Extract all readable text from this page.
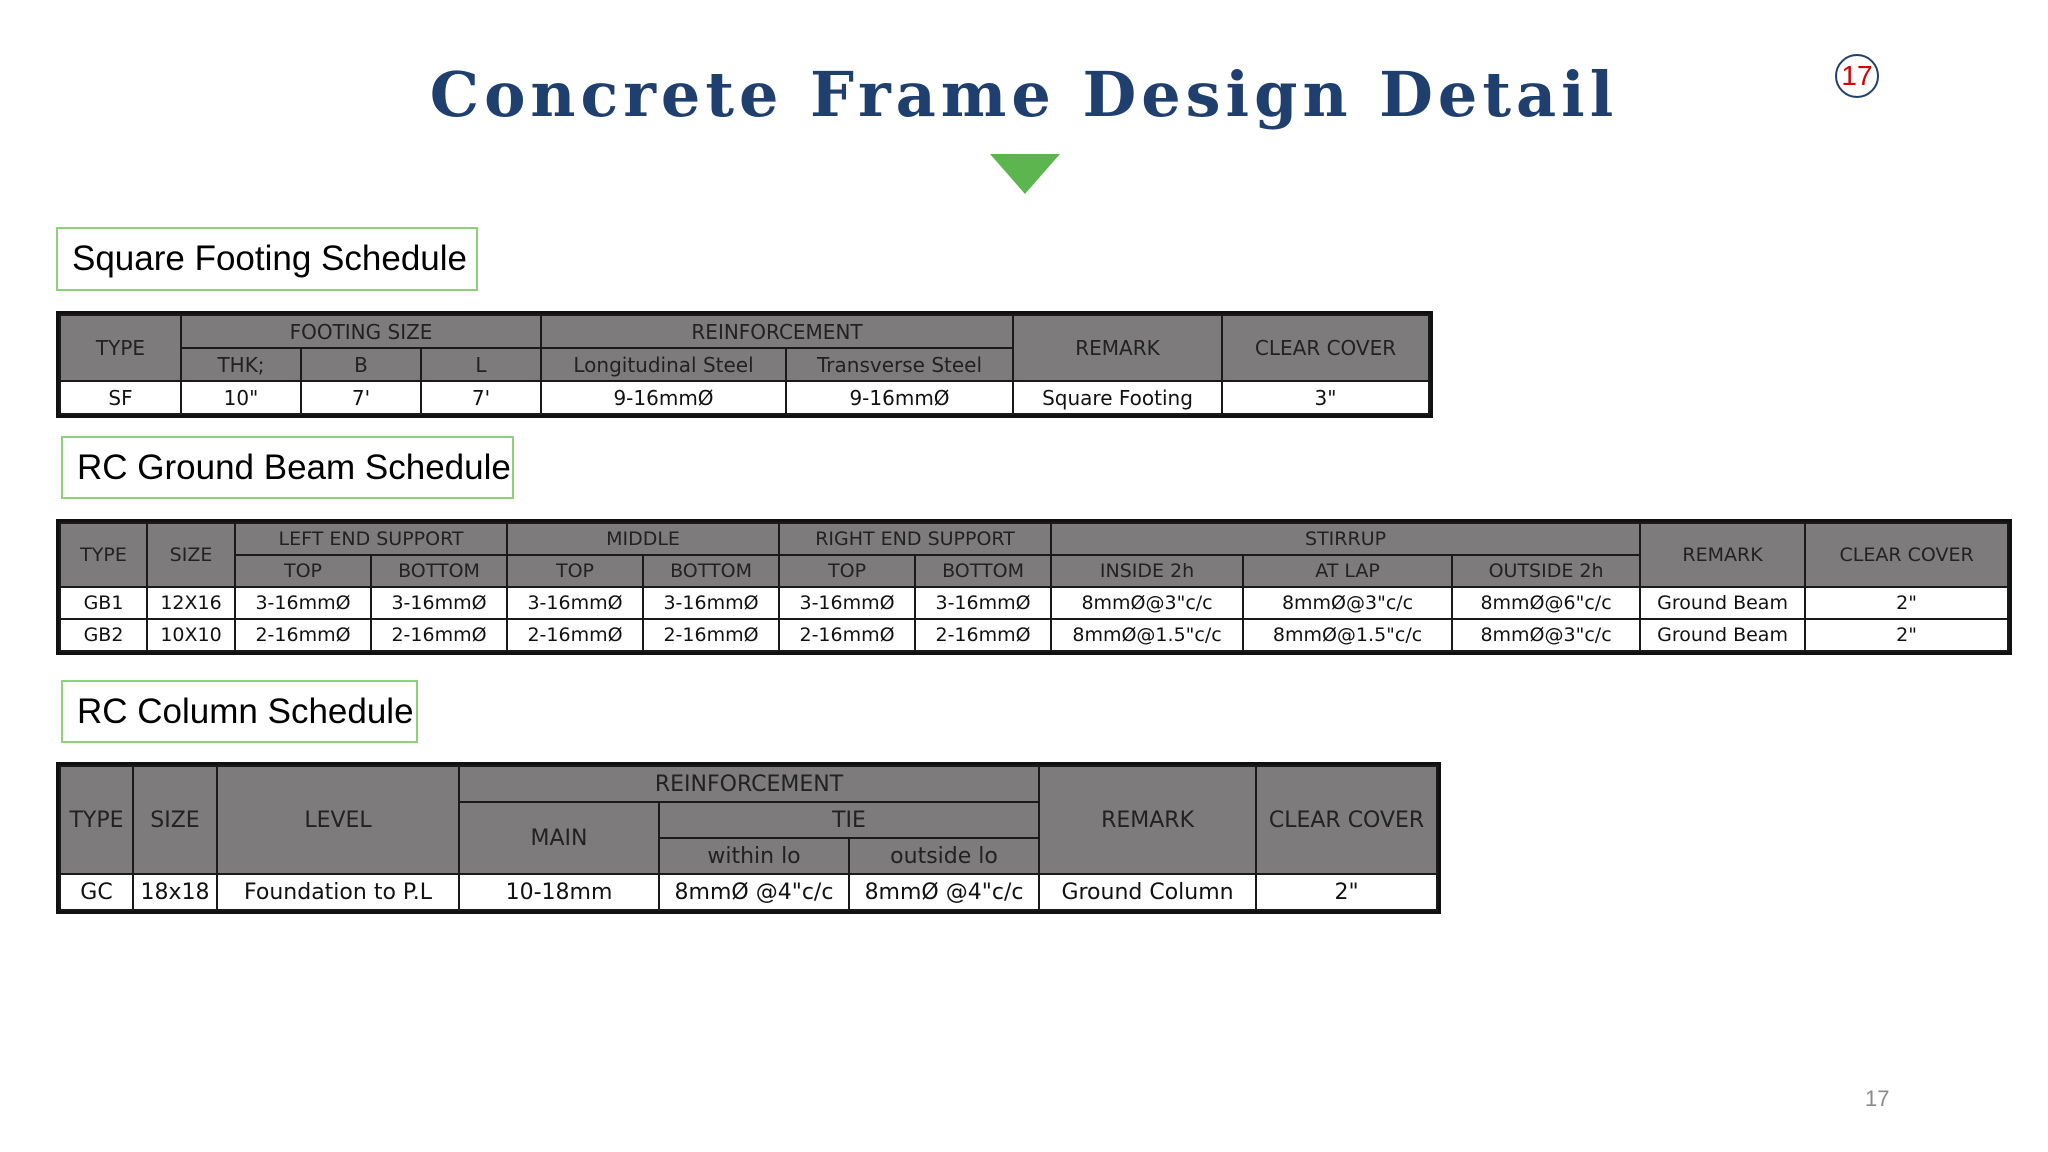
Concrete Frame Design Detail	17
Square Footing Schedule
TYPE	FOOTING SIZE			REINFORCEMENT		REMARK	CLEAR COVER
	THK;	B	L	Longitudinal Steel	Transverse Steel		
SF	10"	7'	7'	9-16mmØ	9-16mmØ	Square Footing	3"
RC Ground Beam Schedule
TYPE	SIZE	LEFT END SUPPORT		MIDDLE		RIGHT END SUPPORT		STIRRUP			REMARK	CLEAR COVER
		TOP	BOTTOM	TOP	BOTTOM	TOP	BOTTOM	INSIDE 2h	AT LAP	OUTSIDE 2h		
GB1	12X16	3-16mmØ	3-16mmØ	3-16mmØ	3-16mmØ	3-16mmØ	3-16mmØ	8mmØ@3"c/c	8mmØ@3"c/c	8mmØ@6"c/c	Ground Beam	2"
GB2	10X10	2-16mmØ	2-16mmØ	2-16mmØ	2-16mmØ	2-16mmØ	2-16mmØ	8mmØ@1.5"c/c	8mmØ@1.5"c/c	8mmØ@3"c/c	Ground Beam	2"
RC Column Schedule
TYPE	SIZE	LEVEL	REINFORCEMENT			REMARK	CLEAR COVER
			MAIN	TIE			
				within lo	outside lo		
GC	18x18	Foundation to P.L	10-18mm	8mmØ @4"c/c	8mmØ @4"c/c	Ground Column	2"
17
